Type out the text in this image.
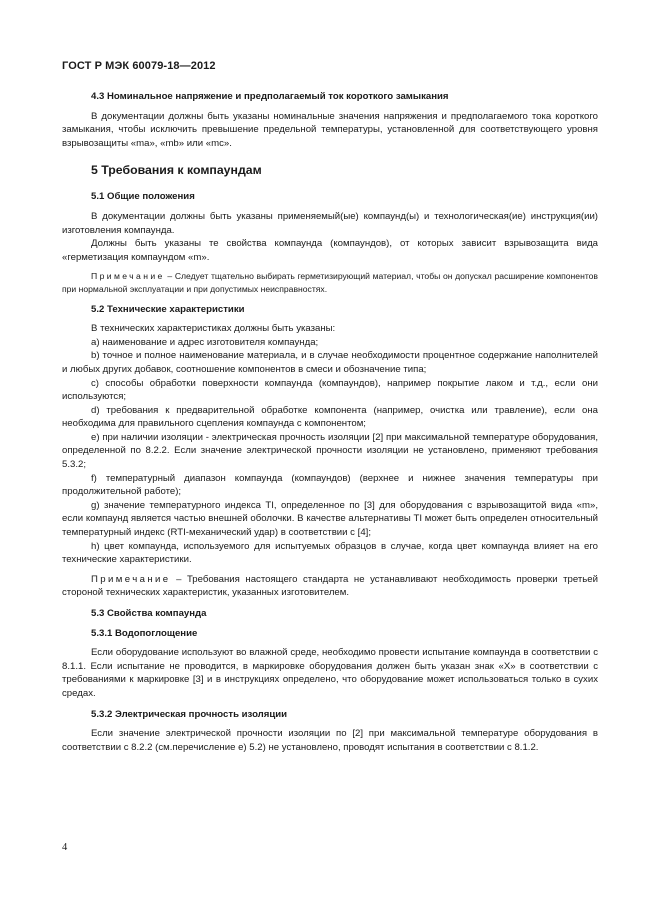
ГОСТ Р МЭК 60079-18—2012

4.3 Номинальное напряжение и предполагаемый ток короткого замыкания

В документации должны быть указаны номинальные значения напряжения и предполагаемого тока короткого замыкания, чтобы исключить превышение предельной температуры, установленной для соответствующего уровня взрывозащиты «ma», «mb» или «mc».

5 Требования к компаундам

5.1 Общие положения

В документации должны быть указаны применяемый(ые) компаунд(ы) и технологическая(ие) инструкция(ии) изготовления компаунда.

Должны быть указаны те свойства компаунда (компаундов), от которых зависит взрывозащита вида «герметизация компаундом «m».

Примечание – Следует тщательно выбирать герметизирующий материал, чтобы он допускал расширение компонентов при нормальной эксплуатации и при допустимых неисправностях.

5.2 Технические характеристики

В технических характеристиках должны быть указаны:

a) наименование и адрес изготовителя компаунда;

b) точное и полное наименование материала, и в случае необходимости процентное содержание наполнителей и любых других добавок, соотношение компонентов в смеси и обозначение типа;

c) способы обработки поверхности компаунда (компаундов), например покрытие лаком и т.д., если они используются;

d) требования к предварительной обработке компонента (например, очистка или травление), если она необходима для правильного сцепления компаунда с компонентом;

e) при наличии изоляции - электрическая прочность изоляции [2] при максимальной температуре оборудования, определенной по 8.2.2. Если значение электрической прочности изоляции не установлено, применяют требования 5.3.2;

f) температурный диапазон компаунда (компаундов) (верхнее и нижнее значения температуры при продолжительной работе);

g) значение температурного индекса TI, определенное по [3] для оборудования с взрывозащитой вида «m», если компаунд является частью внешней оболочки. В качестве альтернативы TI может быть определен относительный температурный индекс (RTI-механический удар) в соответствии с [4];

h) цвет компаунда, используемого для испытуемых образцов в случае, когда цвет компаунда влияет на его технические характеристики.

Примечание – Требования настоящего стандарта не устанавливают необходимость проверки третьей стороной технических характеристик, указанных изготовителем.

5.3 Свойства компаунда

5.3.1 Водопоглощение

Если оборудование используют во влажной среде, необходимо провести испытание компаунда в соответствии с 8.1.1. Если испытание не проводится, в маркировке оборудования должен быть указан знак «X» в соответствии с требованиями к маркировке [3] и в инструкциях определено, что оборудование может использоваться только в сухих средах.

5.3.2 Электрическая прочность изоляции

Если значение электрической прочности изоляции по [2] при максимальной температуре оборудования в соответствии с 8.2.2 (см.перечисление е) 5.2) не установлено, проводят испытания в соответствии с 8.1.2.

4
